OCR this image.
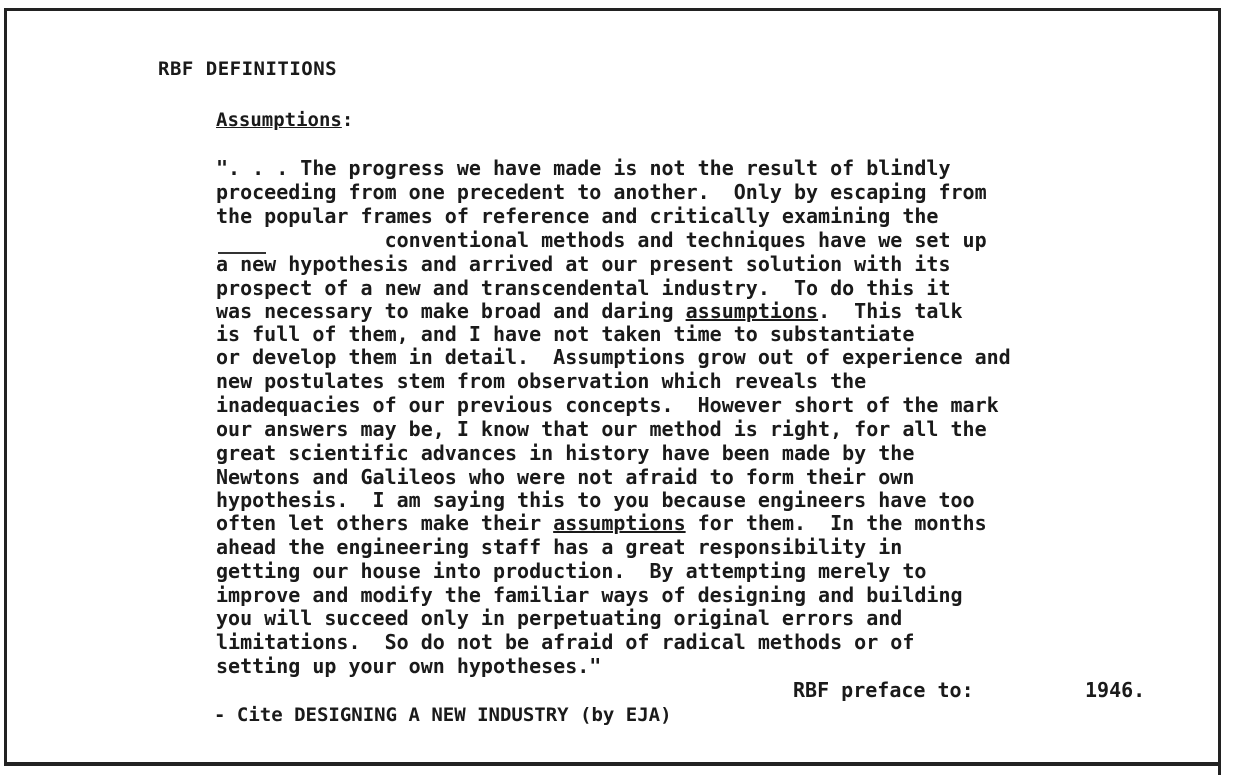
RBF DEFINITIONS
Assumptions:
". . . The progress we have made is not the result of blindly
proceeding from one precedent to another.  Only by escaping from
the popular frames of reference and critically examining the
conventional methods and techniques have we set up
a new hypothesis and arrived at our present solution with its
prospect of a new and transcendental industry.  To do this it
was necessary to make broad and daring assumptions.  This talk
is full of them, and I have not taken time to substantiate
or develop them in detail.  Assumptions grow out of experience and
new postulates stem from observation which reveals the
inadequacies of our previous concepts.  However short of the mark
our answers may be, I know that our method is right, for all the
great scientific advances in history have been made by the
Newtons and Galileos who were not afraid to form their own
hypothesis.  I am saying this to you because engineers have too
often let others make their assumptions for them.  In the months
ahead the engineering staff has a great responsibility in
getting our house into production.  By attempting merely to
improve and modify the familiar ways of designing and building
you will succeed only in perpetuating original errors and
limitations.  So do not be afraid of radical methods or of
setting up your own hypotheses."
RBF preface to:	1946.
- Cite DESIGNING A NEW INDUSTRY (by EJA)
